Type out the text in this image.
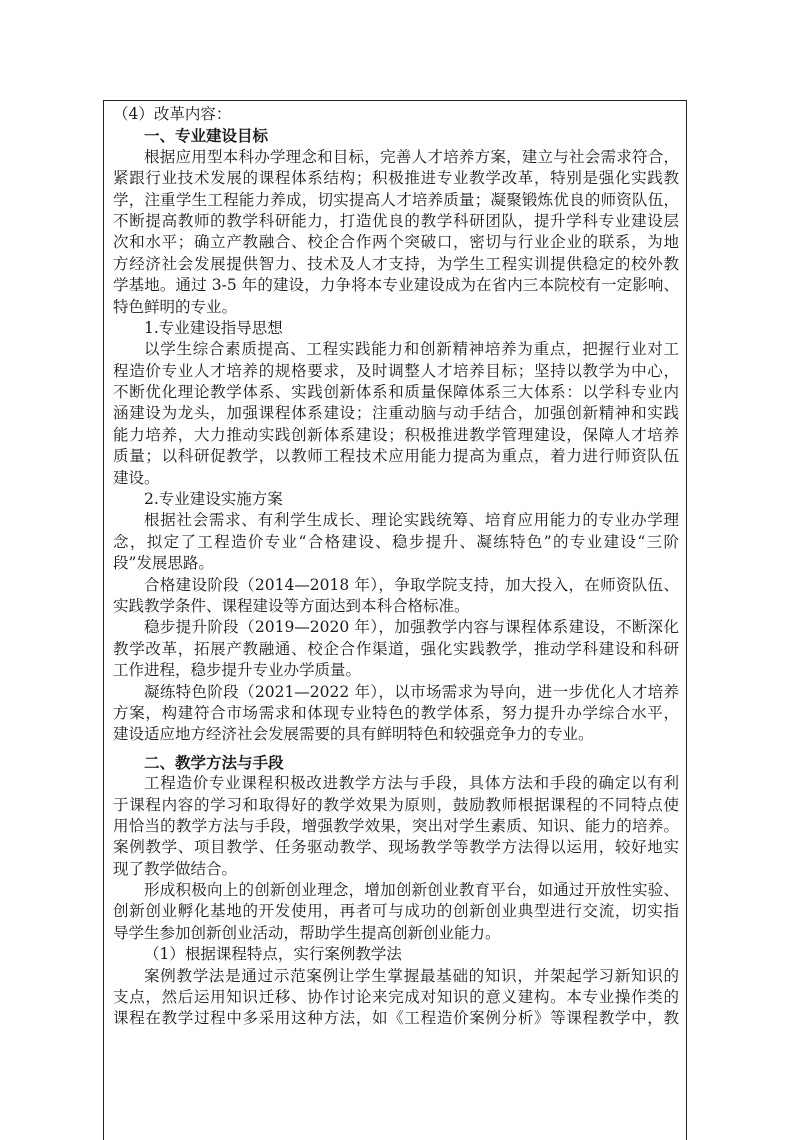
（4）改革内容：
一、专业建设目标
根据应用型本科办学理念和目标，完善人才培养方案，建立与社会需求符合，
紧跟行业技术发展的课程体系结构；积极推进专业教学改革，特别是强化实践教
学，注重学生工程能力养成，切实提高人才培养质量；凝聚锻炼优良的师资队伍，
不断提高教师的教学科研能力，打造优良的教学科研团队，提升学科专业建设层
次和水平；确立产教融合、校企合作两个突破口，密切与行业企业的联系，为地
方经济社会发展提供智力、技术及人才支持，为学生工程实训提供稳定的校外教
学基地。通过 3-5 年的建设，力争将本专业建设成为在省内三本院校有一定影响、
特色鲜明的专业。
1.专业建设指导思想
以学生综合素质提高、工程实践能力和创新精神培养为重点，把握行业对工
程造价专业人才培养的规格要求，及时调整人才培养目标；坚持以教学为中心，
不断优化理论教学体系、实践创新体系和质量保障体系三大体系：以学科专业内
涵建设为龙头，加强课程体系建设；注重动脑与动手结合，加强创新精神和实践
能力培养，大力推动实践创新体系建设；积极推进教学管理建设，保障人才培养
质量；以科研促教学，以教师工程技术应用能力提高为重点，着力进行师资队伍
建设。
2.专业建设实施方案
根据社会需求、有利学生成长、理论实践统筹、培育应用能力的专业办学理
念，拟定了工程造价专业“合格建设、稳步提升、凝练特色”的专业建设“三阶
段”发展思路。
合格建设阶段（2014—2018 年），争取学院支持，加大投入，在师资队伍、
实践教学条件、课程建设等方面达到本科合格标准。
稳步提升阶段（2019—2020 年），加强教学内容与课程体系建设，不断深化
教学改革，拓展产教融通、校企合作渠道，强化实践教学，推动学科建设和科研
工作进程，稳步提升专业办学质量。
凝练特色阶段（2021—2022 年），以市场需求为导向，进一步优化人才培养
方案，构建符合市场需求和体现专业特色的教学体系，努力提升办学综合水平，
建设适应地方经济社会发展需要的具有鲜明特色和较强竞争力的专业。
二、教学方法与手段
工程造价专业课程积极改进教学方法与手段，具体方法和手段的确定以有利
于课程内容的学习和取得好的教学效果为原则，鼓励教师根据课程的不同特点使
用恰当的教学方法与手段，增强教学效果，突出对学生素质、知识、能力的培养。
案例教学、项目教学、任务驱动教学、现场教学等教学方法得以运用，较好地实
现了教学做结合。
形成积极向上的创新创业理念，增加创新创业教育平台，如通过开放性实验、
创新创业孵化基地的开发使用，再者可与成功的创新创业典型进行交流，切实指
导学生参加创新创业活动，帮助学生提高创新创业能力。
（1）根据课程特点，实行案例教学法
案例教学法是通过示范案例让学生掌握最基础的知识，并架起学习新知识的
支点，然后运用知识迁移、协作讨论来完成对知识的意义建构。本专业操作类的
课程在教学过程中多采用这种方法，如《工程造价案例分析》等课程教学中，教
